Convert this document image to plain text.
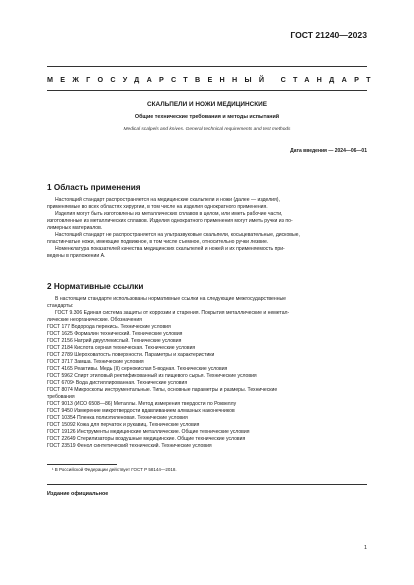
ГОСТ 21240—2023
МЕЖГОСУДАРСТВЕННЫЙ СТАНДАРТ
СКАЛЬПЕЛИ И НОЖИ МЕДИЦИНСКИЕ
Общие технические требования и методы испытаний
Medical scalpels and knives. General technical requirements and test methods
Дата введения — 2024—06—01
1 Область применения
Настоящий стандарт распространяется на медицинские скальпели и ножи (далее — изделия),
применяемые во всех областях хирургии, в том числе на изделия однократного применения.
Изделия могут быть изготовлены из металлических сплавов в целом, или иметь рабочие части,
изготовленные из металлических сплавов. Изделия однократного применения могут иметь ручки из по-
лимерных материалов.
Настоящий стандарт не распространяется на ультразвуковые скальпели, косыцевательные, дисковые,
пластинчатые ножи, имеющие подвижное, в том числе съемное, относительно ручки лезвие.
Номенклатура показателей качества медицинских скальпелей и ножей и их применяемость при-
ведены в приложении А.
2 Нормативные ссылки
В настоящем стандарте использованы нормативные ссылки на следующие межгосударственные
стандарты:
ГОСТ 9.306 Единая система защиты от коррозии и старения. Покрытия металлические и неметал-
лические неорганические. Обозначения
ГОСТ 177 Водорода перекись. Технические условия
ГОСТ 1625 Формалин технический. Технические условия
ГОСТ 2156 Натрий двууглекислый. Технические условия
ГОСТ 2184 Кислота серная техническая. Технические условия
ГОСТ 2789 Шероховатость поверхности. Параметры и характеристики
ГОСТ 3717 Замша. Технические условия
ГОСТ 4165 Реактивы. Медь (II) сернокислая 5-водная. Технические условия
ГОСТ 5962 Спирт этиловый ректификованный из пищевого сырья. Технические условия
ГОСТ 6709¹ Вода дистиллированная. Технические условия
ГОСТ 8074 Микроскопы инструментальные. Типы, основные параметры и размеры. Технические
требования
ГОСТ 9013 (ИСО 6508—86) Металлы. Метод измерения твердости по Роквеллу
ГОСТ 9450 Измерение микротвердости вдавливанием алмазных наконечников
ГОСТ 10354 Пленка полиэтиленовая. Технические условия
ГОСТ 15092 Кожа для перчаток и рукавиц. Технические условия
ГОСТ 19126 Инструменты медицинские металлические. Общие технические условия
ГОСТ 22649 Стерилизаторы воздушные медицинские. Общие технические условия
ГОСТ 23519 Фенол синтетический технический. Технические условия
¹ В Российской Федерации действует ГОСТ Р 58144—2018.
Издание официальное
1
